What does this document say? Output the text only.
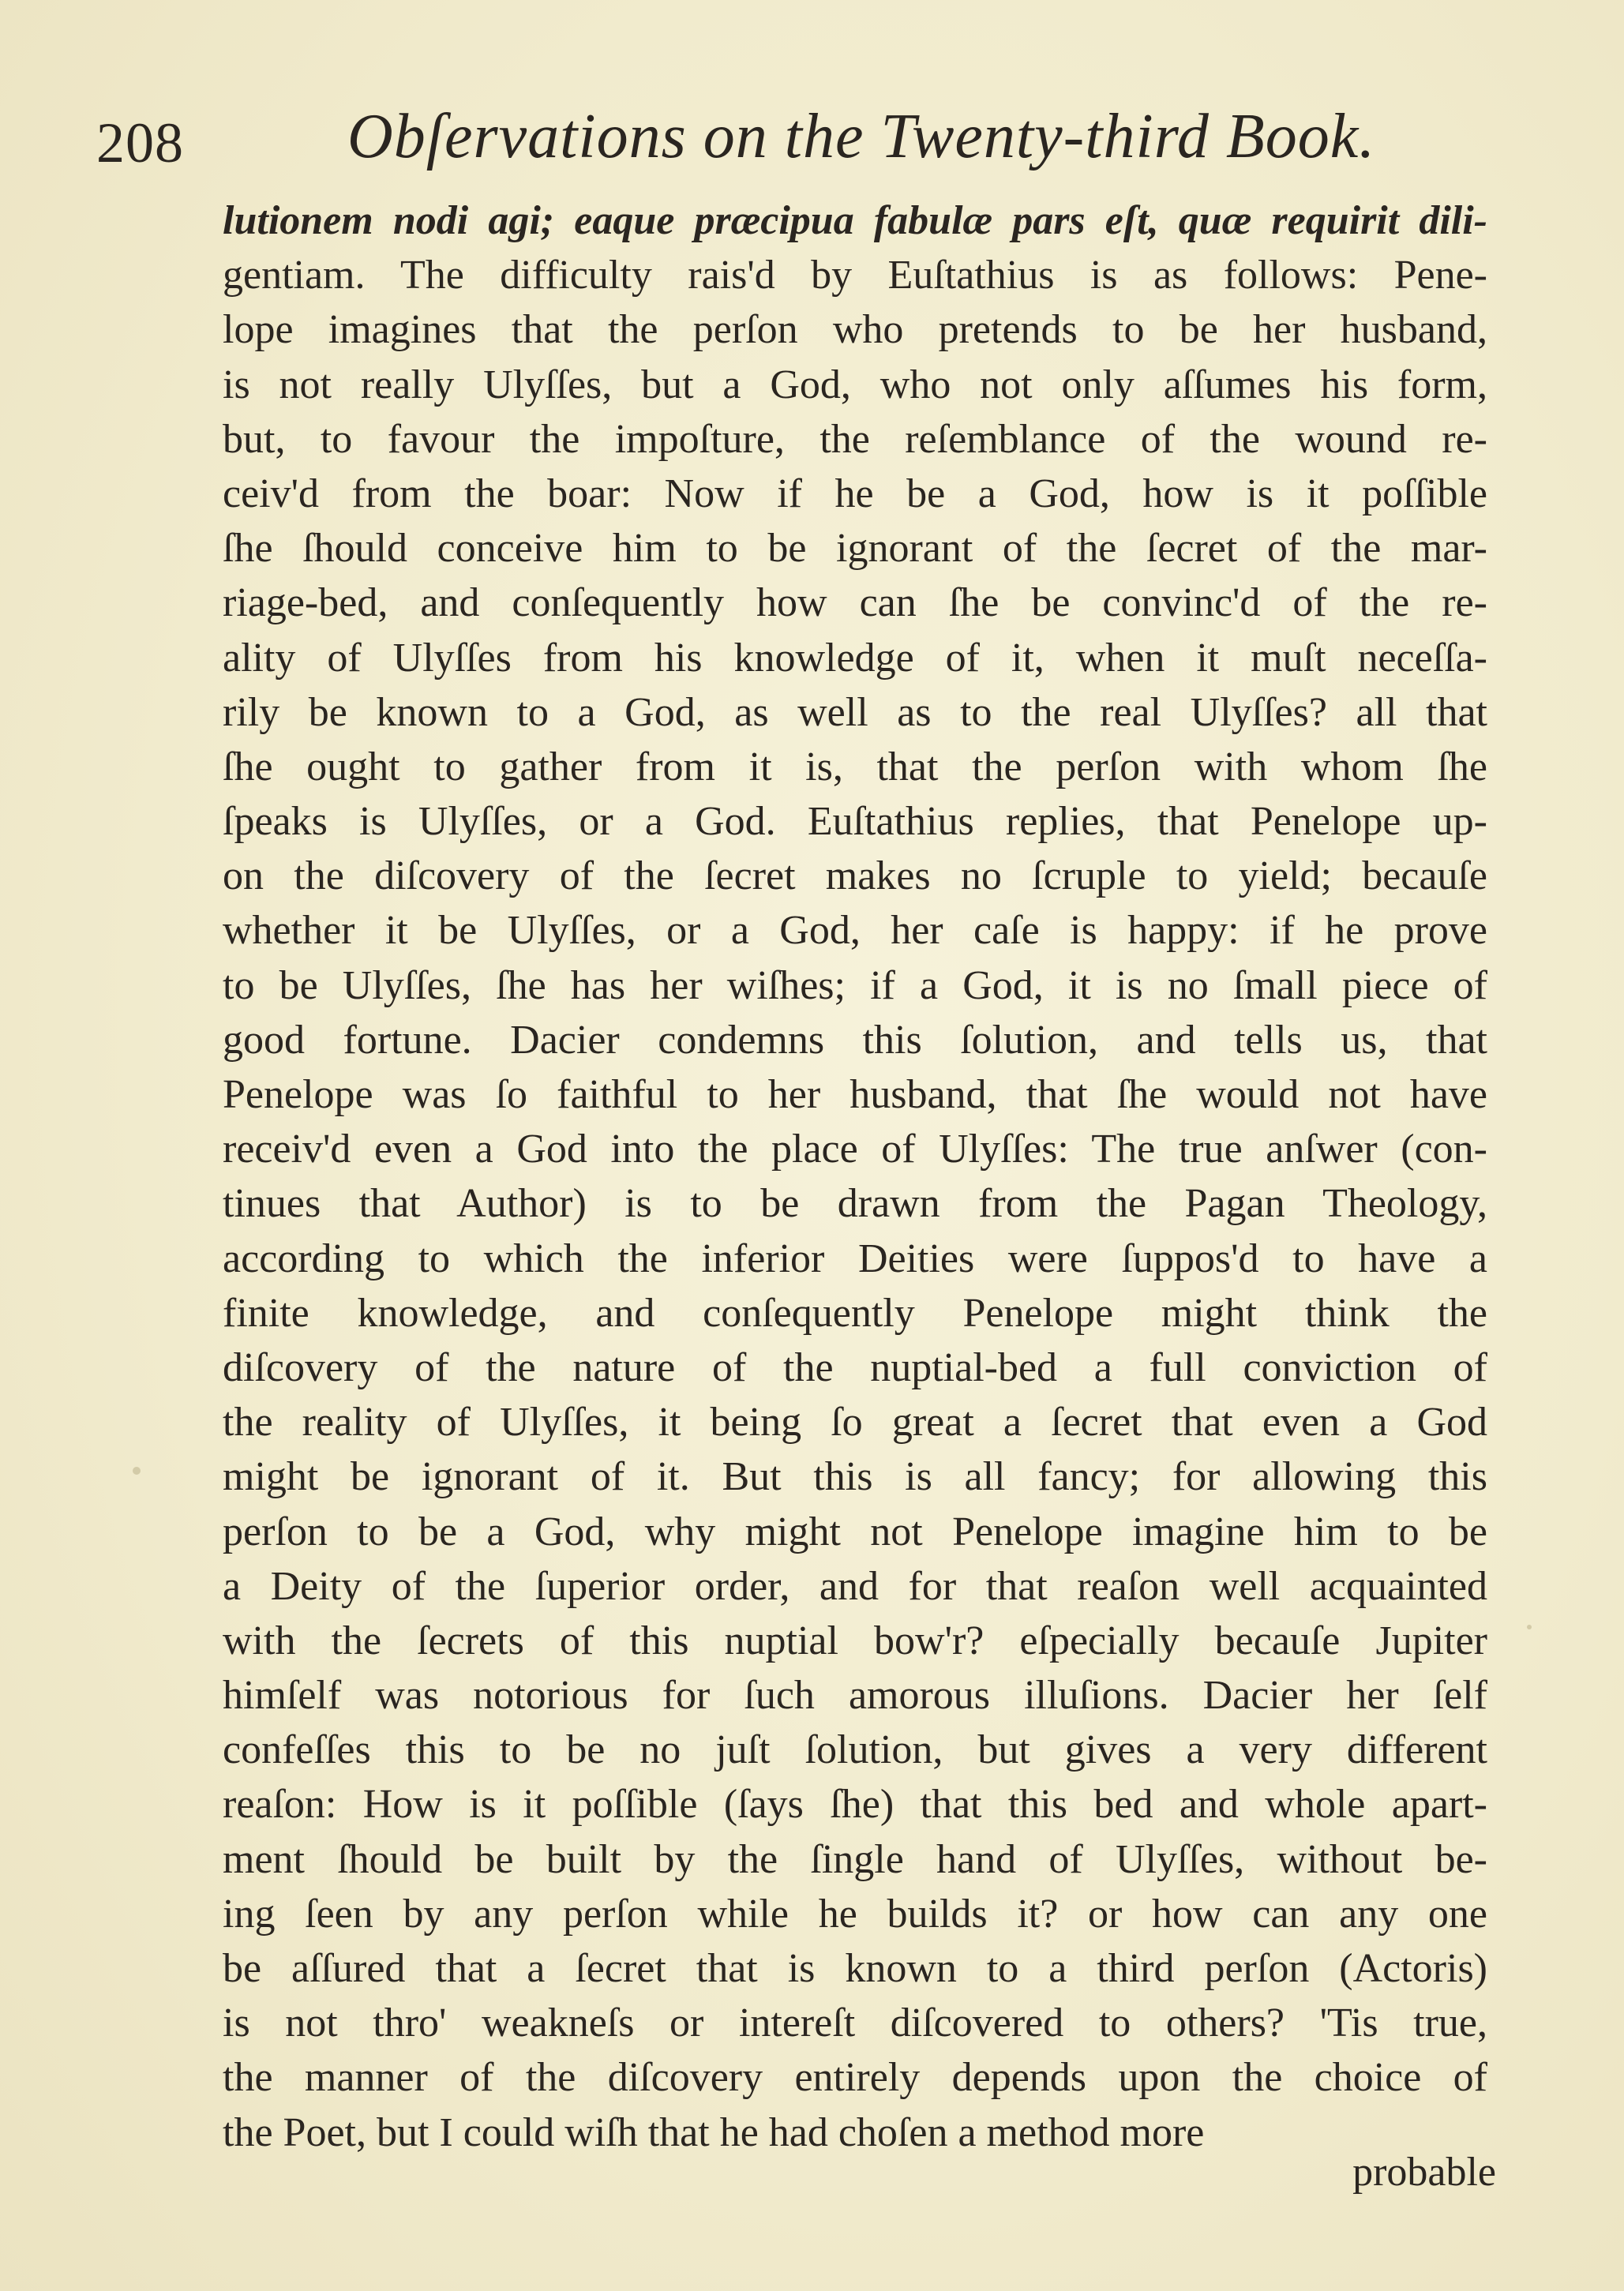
208	Obſervations on the Twenty-third Book.
lutionem nodi agi; eaque præcipua fabulæ pars eſt, quæ requirit dili-
gentiam. The difficulty rais'd by Euſtathius is as follows: Pene-
lope imagines that the perſon who pretends to be her husband,
is not really Ulyſſes, but a God, who not only aſſumes his form,
but, to favour the impoſture, the reſemblance of the wound re-
ceiv'd from the boar: Now if he be a God, how is it poſſible
ſhe ſhould conceive him to be ignorant of the ſecret of the mar-
riage-bed, and conſequently how can ſhe be convinc'd of the re-
ality of Ulyſſes from his knowledge of it, when it muſt neceſſa-
rily be known to a God, as well as to the real Ulyſſes? all that
ſhe ought to gather from it is, that the perſon with whom ſhe
ſpeaks is Ulyſſes, or a God. Euſtathius replies, that Penelope up-
on the diſcovery of the ſecret makes no ſcruple to yield; becauſe
whether it be Ulyſſes, or a God, her caſe is happy: if he prove
to be Ulyſſes, ſhe has her wiſhes; if a God, it is no ſmall piece of
good fortune. Dacier condemns this ſolution, and tells us, that
Penelope was ſo faithful to her husband, that ſhe would not have
receiv'd even a God into the place of Ulyſſes: The true anſwer (con-
tinues that Author) is to be drawn from the Pagan Theology,
according to which the inferior Deities were ſuppos'd to have a
finite knowledge, and conſequently Penelope might think the
diſcovery of the nature of the nuptial-bed a full conviction of
the reality of Ulyſſes, it being ſo great a ſecret that even a God
might be ignorant of it. But this is all fancy; for allowing this
perſon to be a God, why might not Penelope imagine him to be
a Deity of the ſuperior order, and for that reaſon well acquainted
with the ſecrets of this nuptial bow'r? eſpecially becauſe Jupiter
himſelf was notorious for ſuch amorous illuſions. Dacier her ſelf
confeſſes this to be no juſt ſolution, but gives a very different
reaſon: How is it poſſible (ſays ſhe) that this bed and whole apart-
ment ſhould be built by the ſingle hand of Ulyſſes, without be-
ing ſeen by any perſon while he builds it? or how can any one
be aſſured that a ſecret that is known to a third perſon (Actoris)
is not thro' weakneſs or intereſt diſcovered to others? 'Tis true,
the manner of the diſcovery entirely depends upon the choice of
the Poet, but I could wiſh that he had choſen a method more
probable
